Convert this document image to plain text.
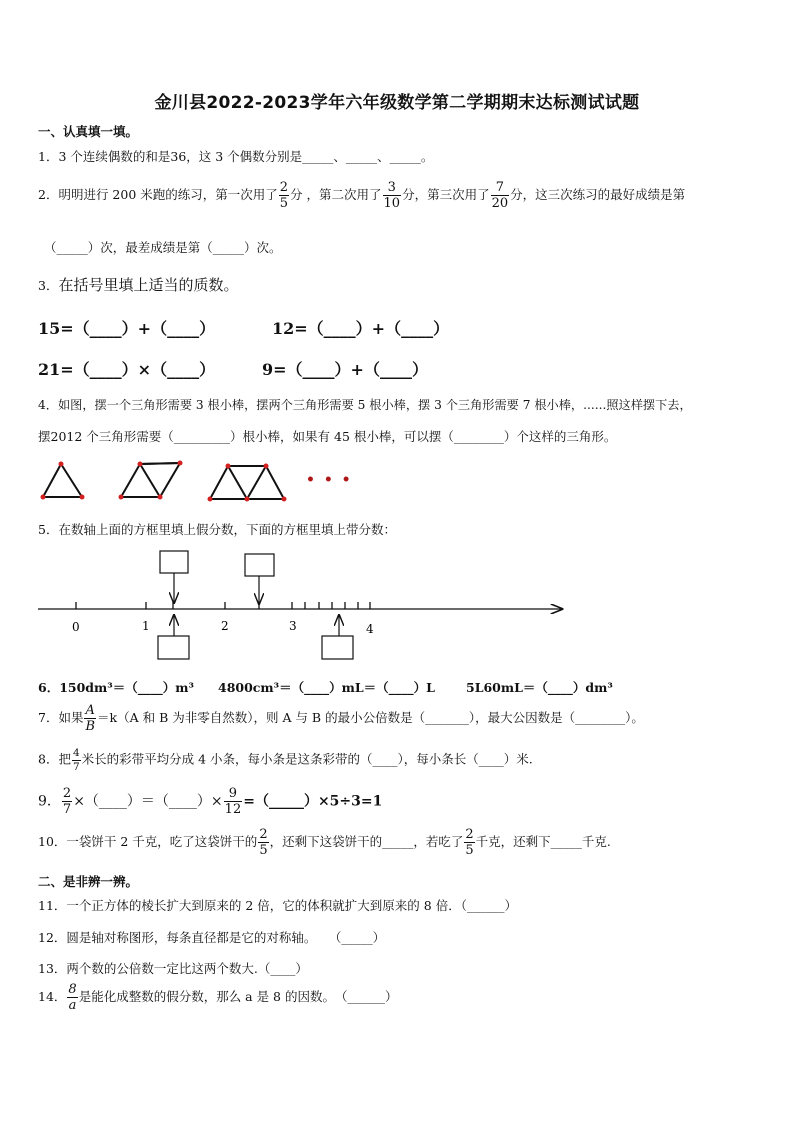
金川县2022-2023学年六年级数学第二学期期末达标测试试题
一、认真填一填。
1．3 个连续偶数的和是36，这 3 个偶数分别是_____、_____、_____。
2．明明进行 200 米跑的练习，第一次用了 $\frac{2}{5}$ 分 ，第二次用了 $\frac{3}{10}$ 分，第三次用了 $\frac{7}{20}$ 分，这三次练习的最好成绩是第
（_____）次，最差成绩是第（_____）次。
3．在括号里填上适当的质数。
15=（____）+（____）	12=（____）+（____）
21=（____）×（____）	9=（____）+（____）
4．如图，摆一个三角形需要 3 根小棒，摆两个三角形需要 5 根小棒，摆 3 个三角形需要 7 根小棒，......照这样摆下去，
摆2012 个三角形需要（_________）根小棒，如果有 45 根小棒，可以摆（________）个这样的三角形。
• • •
5．在数轴上面的方框里填上假分数，下面的方框里填上带分数：
0	1	2	3	4
6．150dm³＝（____）m³ 4800cm³＝（____）mL＝（____）L 5L60mL＝（____）dm³
7．如果 $\frac{A}{B} =k(A$ 和 B 为非零自然数），则 A 与 B 的最小公倍数是（_______），最大公因数是（________）。
8．把 $\frac{4}{7}$ 米长的彩带平均分成 4 小条，每小条是这条彩带的（____），每小条长（____）米.
9． $\frac{2}{7}$ ×（____）＝（____）× $\frac{9}{12}$ =（_____）×5÷3=1
10．一袋饼干 2 千克，吃了这袋饼干的 $\frac{2}{5}$ ，还剩下这袋饼干的_____，若吃了 $\frac{2}{5}$ 千克，还剩下_____千克.
二、是非辨一辨。
11．一个正方体的棱长扩大到原来的 2 倍，它的体积就扩大到原来的 8 倍．（______）
12．圆是轴对称图形，每条直径都是它的对称轴。　　（_____）
13．两个数的公倍数一定比这两个数大.（____）
14． $\frac{8}{a}$ 是能化成整数的假分数，那么 a 是 8 的因数。　（______）
